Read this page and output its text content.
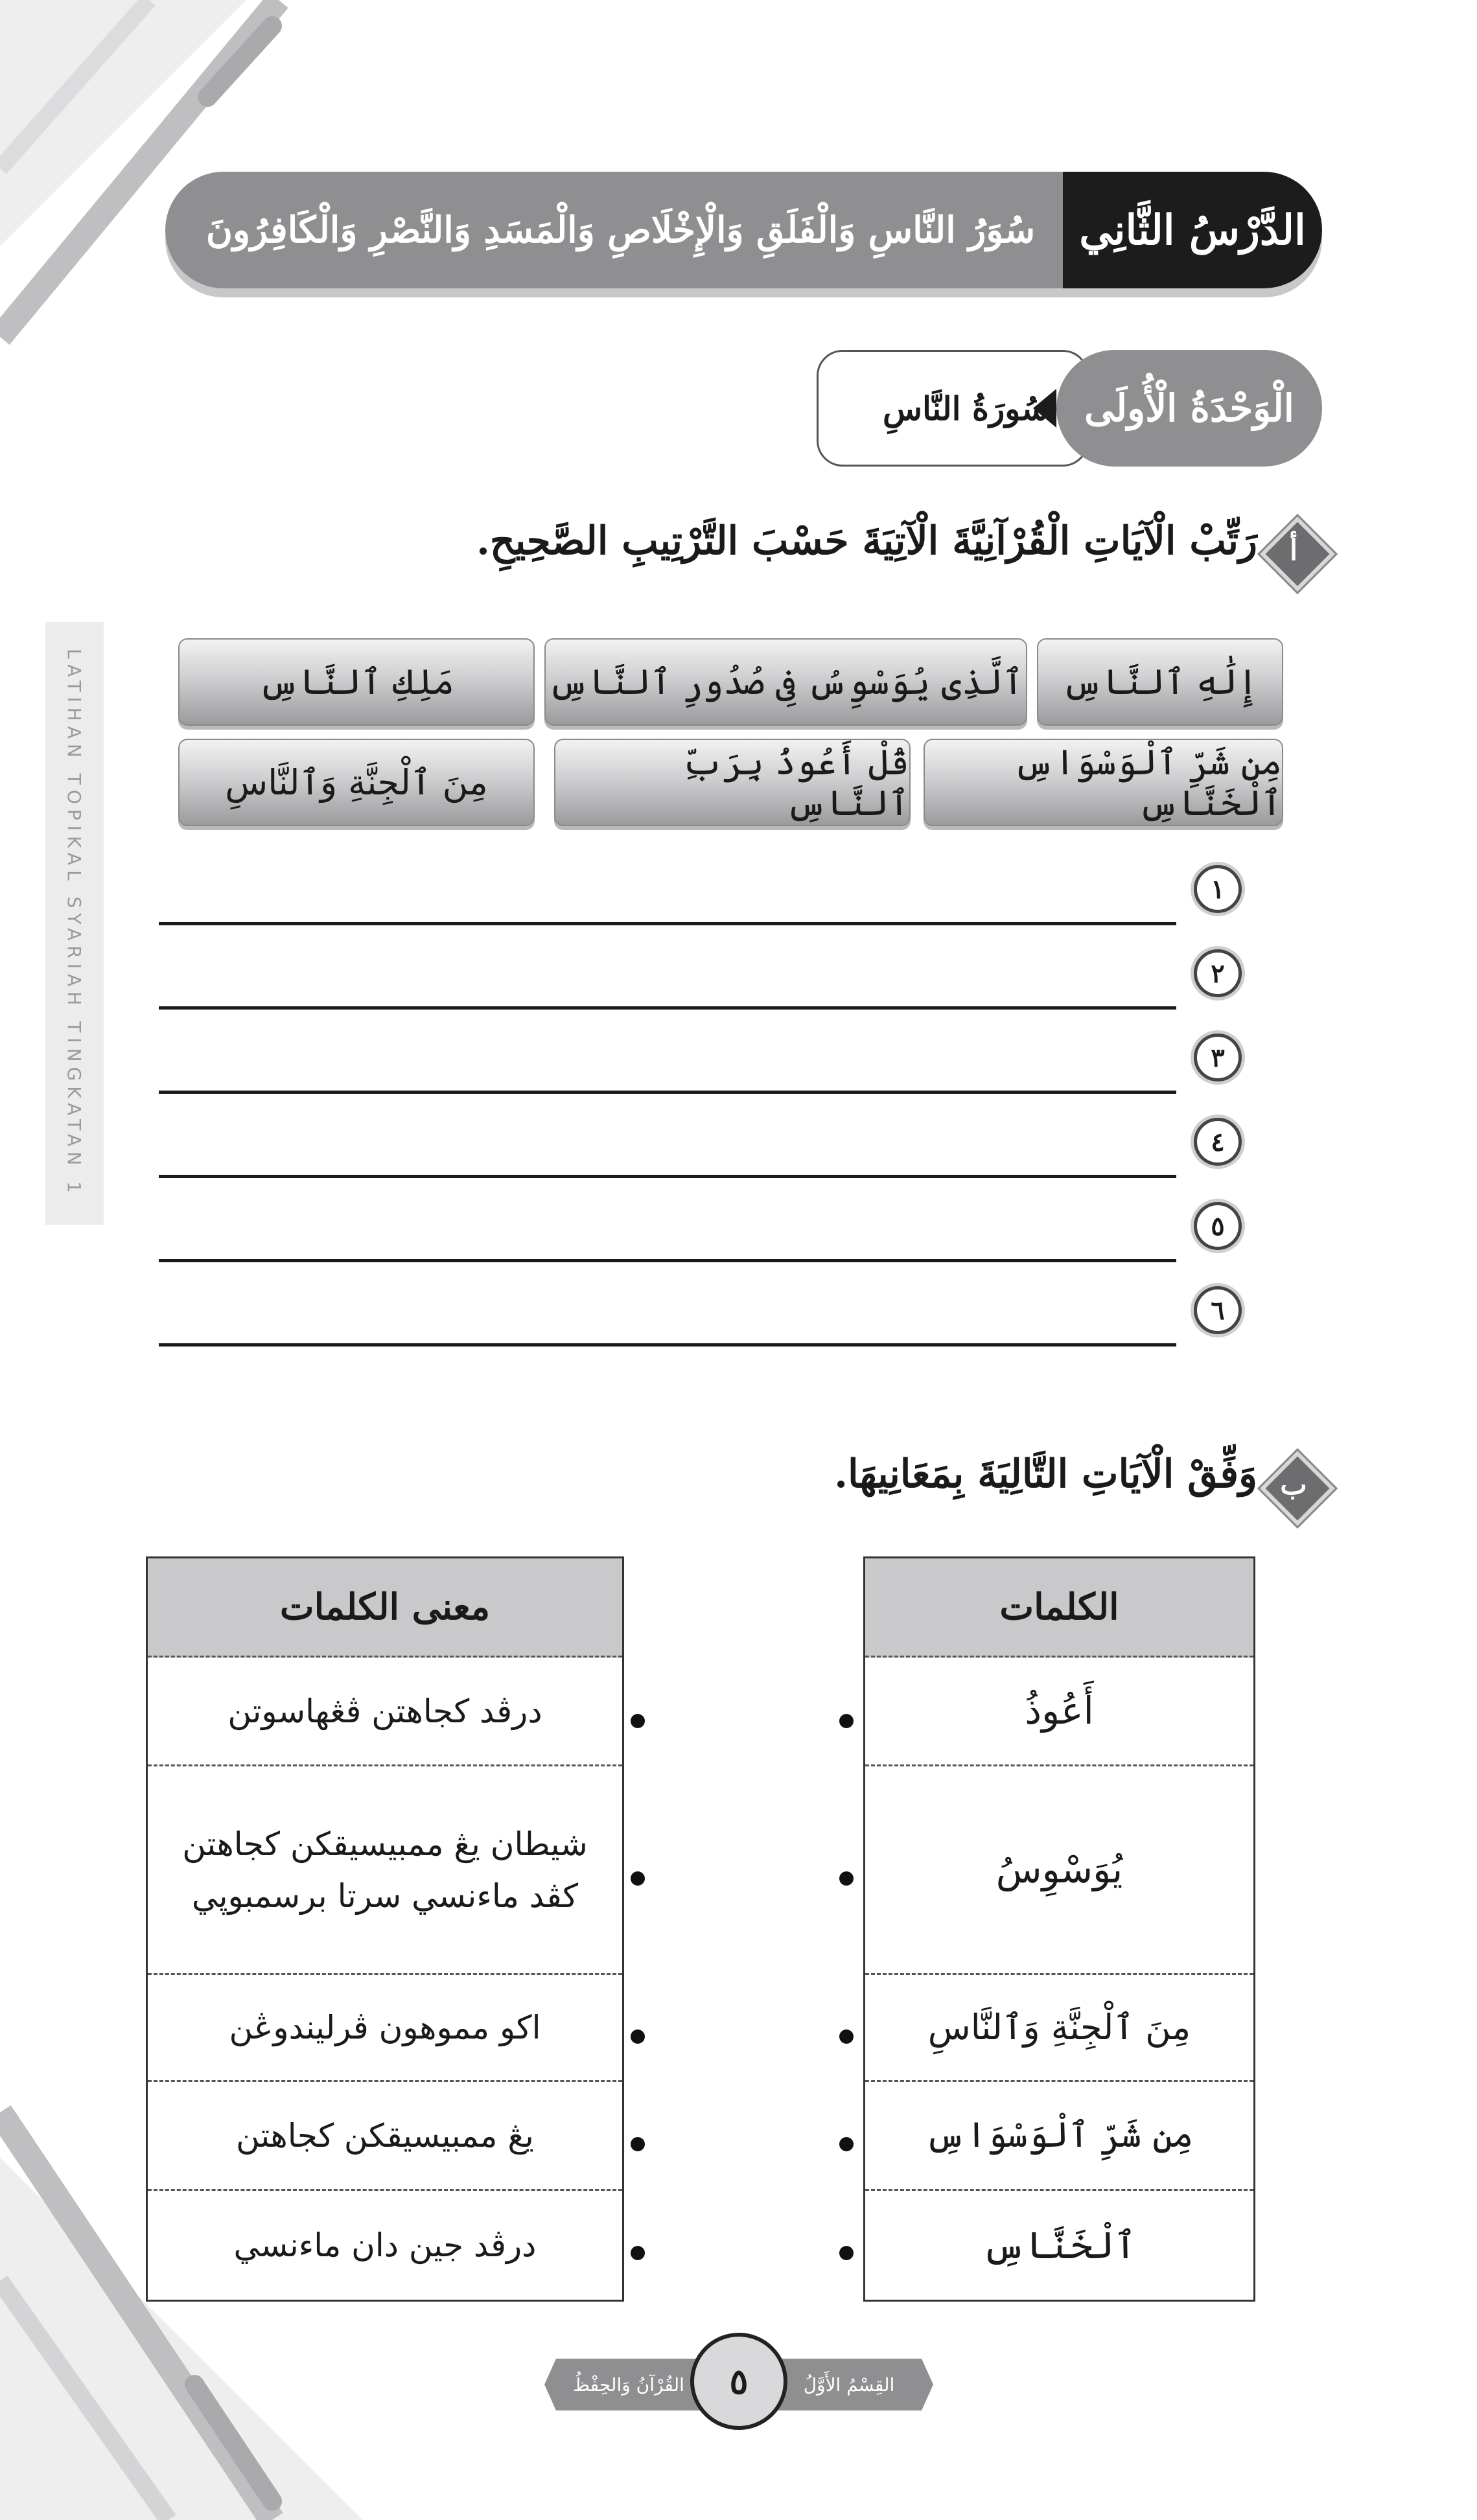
LATIHAN TOPIKAL SYARIAH TINGKATAN 1
الدَّرْسُ الثَّانِي
سُوَرُ النَّاسِ وَالْفَلَقِ وَالْإِخْلَاصِ وَالْمَسَدِ وَالنَّصْرِ وَالْكَافِرُونَ
سُورَةُ النَّاسِ الْوَحْدَةُ الْأُولَى
أ
رَتِّبْ الْآيَاتِ الْقُرْآنِيَّةَ الْآتِيَةَ حَسْبَ التَّرْتِيبِ الصَّحِيحِ.
إِلَٰهِ ٱلنَّاسِ
ٱلَّذِى يُوَسْوِسُ فِى صُدُورِ ٱلنَّاسِ
مَلِكِ ٱلنَّاسِ
مِن شَرِّ ٱلْوَسْوَاسِ ٱلْخَنَّاسِ
قُلْ أَعُوذُ بِرَبِّ ٱلنَّاسِ
مِنَ ٱلْجِنَّةِ وَٱلنَّاسِ
١
٢
٣
٤
٥
٦
ب
وَفِّقْ الْآيَاتِ التَّالِيَةَ بِمَعَانِيهَا.
الكلمات
أَعُوذُ
يُوَسْوِسُ
مِنَ ٱلْجِنَّةِ وَٱلنَّاسِ
مِن شَرِّ ٱلْوَسْوَاسِ
ٱلْخَنَّاسِ
معنى الكلمات
درڤد كجاهتن ڤڠهاسوتن
شيطان يڠ ممبيسيقكن كجاهتن كڤد ماءنسي سرتا برسمبوڽي
اكو مموهون ڤرليندوڠن
يڠ ممبيسيقكن كجاهتن
درڤد جين دان ماءنسي
القُرْآنُ وَالحِفْظُ	القِسْمُ الأَوَّلُ
٥
